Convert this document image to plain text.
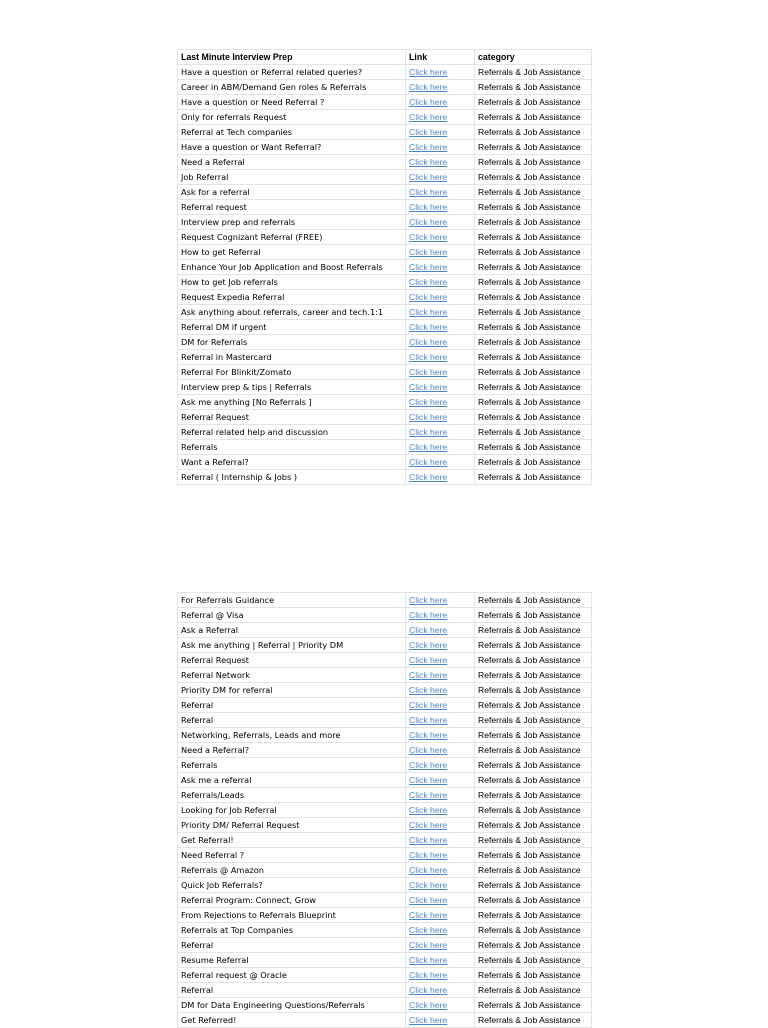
Last Minute Interview Prep	Link	category
Have a question or Referral related queries?	Click here	Referrals & Job Assistance
Career in ABM/Demand Gen roles & Referrals	Click here	Referrals & Job Assistance
Have a question or Need Referral ?	Click here	Referrals & Job Assistance
Only for referrals Request	Click here	Referrals & Job Assistance
Referral at Tech companies	Click here	Referrals & Job Assistance
Have a question or Want Referral?	Click here	Referrals & Job Assistance
Need a Referral	Click here	Referrals & Job Assistance
Job Referral	Click here	Referrals & Job Assistance
Ask for a referral	Click here	Referrals & Job Assistance
Referral request	Click here	Referrals & Job Assistance
Interview prep and referrals	Click here	Referrals & Job Assistance
Request Cognizant Referral (FREE)	Click here	Referrals & Job Assistance
How to get Referral	Click here	Referrals & Job Assistance
Enhance Your Job Application and Boost Referrals	Click here	Referrals & Job Assistance
How to get Job referrals	Click here	Referrals & Job Assistance
Request Expedia Referral	Click here	Referrals & Job Assistance
Ask anything about referrals, career and tech.1:1	Click here	Referrals & Job Assistance
Referral DM if urgent	Click here	Referrals & Job Assistance
DM for Referrals	Click here	Referrals & Job Assistance
Referral in Mastercard	Click here	Referrals & Job Assistance
Referral For Blinkit/Zomato	Click here	Referrals & Job Assistance
Interview prep & tips | Referrals	Click here	Referrals & Job Assistance
Ask me anything [No Referrals ]	Click here	Referrals & Job Assistance
Referral Request	Click here	Referrals & Job Assistance
Referral related help and discussion	Click here	Referrals & Job Assistance
Referrals	Click here	Referrals & Job Assistance
Want a Referral?	Click here	Referrals & Job Assistance
Referral ( Internship & Jobs )	Click here	Referrals & Job Assistance
For Referrals Guidance	Click here	Referrals & Job Assistance
Referral @ Visa	Click here	Referrals & Job Assistance
Ask a Referral	Click here	Referrals & Job Assistance
Ask me anything | Referral | Priority DM	Click here	Referrals & Job Assistance
Referral Request	Click here	Referrals & Job Assistance
Referral Network	Click here	Referrals & Job Assistance
Priority DM for referral	Click here	Referrals & Job Assistance
Referral	Click here	Referrals & Job Assistance
Referral	Click here	Referrals & Job Assistance
Networking, Referrals, Leads and more	Click here	Referrals & Job Assistance
Need a Referral?	Click here	Referrals & Job Assistance
Referrals	Click here	Referrals & Job Assistance
Ask me a referral	Click here	Referrals & Job Assistance
Referrals/Leads	Click here	Referrals & Job Assistance
Looking for Job Referral	Click here	Referrals & Job Assistance
Priority DM/ Referral Request	Click here	Referrals & Job Assistance
Get Referral!	Click here	Referrals & Job Assistance
Need Referral ?	Click here	Referrals & Job Assistance
Referrals @ Amazon	Click here	Referrals & Job Assistance
Quick Job Referrals?	Click here	Referrals & Job Assistance
Referral Program: Connect, Grow	Click here	Referrals & Job Assistance
From Rejections to Referrals Blueprint	Click here	Referrals & Job Assistance
Referrals at Top Companies	Click here	Referrals & Job Assistance
Referral	Click here	Referrals & Job Assistance
Resume Referral	Click here	Referrals & Job Assistance
Referral request @ Oracle	Click here	Referrals & Job Assistance
Referral	Click here	Referrals & Job Assistance
DM for Data Engineering Questions/Referrals	Click here	Referrals & Job Assistance
Get Referred!	Click here	Referrals & Job Assistance
